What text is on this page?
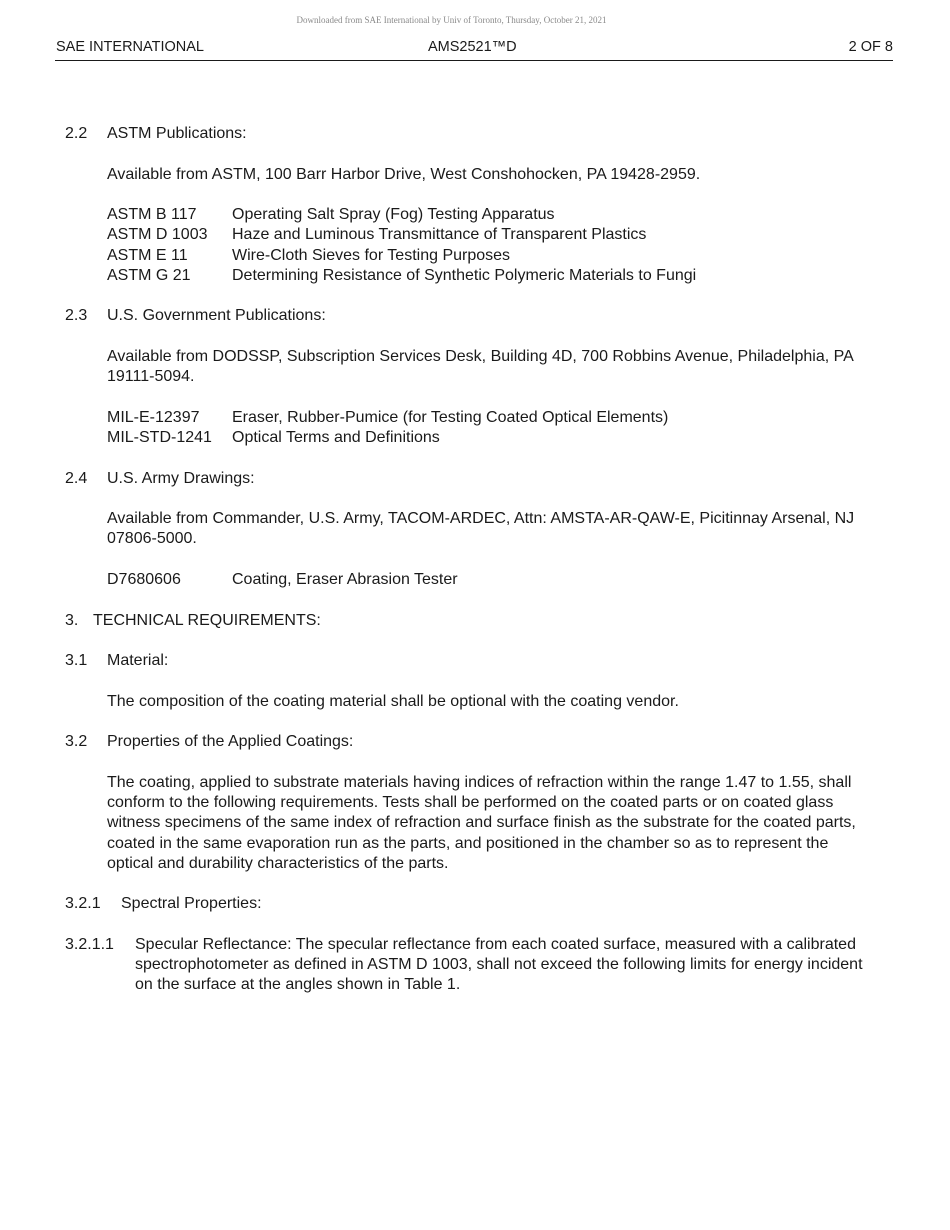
Downloaded from SAE International by Univ of Toronto, Thursday, October 21, 2021
SAE INTERNATIONAL	AMS2521™D	2 OF 8
2.2	ASTM Publications:
Available from ASTM, 100 Barr Harbor Drive, West Conshohocken, PA 19428-2959.
ASTM B 117	Operating Salt Spray (Fog) Testing Apparatus
ASTM D 1003	Haze and Luminous Transmittance of Transparent Plastics
ASTM E 11	Wire-Cloth Sieves for Testing Purposes
ASTM G 21	Determining Resistance of Synthetic Polymeric Materials to Fungi
2.3	U.S. Government Publications:
Available from DODSSP, Subscription Services Desk, Building 4D, 700 Robbins Avenue, Philadelphia, PA 19111-5094.
MIL-E-12397	Eraser, Rubber-Pumice (for Testing Coated Optical Elements)
MIL-STD-1241	Optical Terms and Definitions
2.4	U.S. Army Drawings:
Available from Commander, U.S. Army, TACOM-ARDEC, Attn: AMSTA-AR-QAW-E, Picitinnay Arsenal, NJ 07806-5000.
D7680606	Coating, Eraser Abrasion Tester
3. TECHNICAL REQUIREMENTS:
3.1	Material:
The composition of the coating material shall be optional with the coating vendor.
3.2	Properties of the Applied Coatings:
The coating, applied to substrate materials having indices of refraction within the range 1.47 to 1.55, shall conform to the following requirements. Tests shall be performed on the coated parts or on coated glass witness specimens of the same index of refraction and surface finish as the substrate for the coated parts, coated in the same evaporation run as the parts, and positioned in the chamber so as to represent the optical and durability characteristics of the parts.
3.2.1	Spectral Properties:
3.2.1.1	Specular Reflectance: The specular reflectance from each coated surface, measured with a calibrated spectrophotometer as defined in ASTM D 1003, shall not exceed the following limits for energy incident on the surface at the angles shown in Table 1.
